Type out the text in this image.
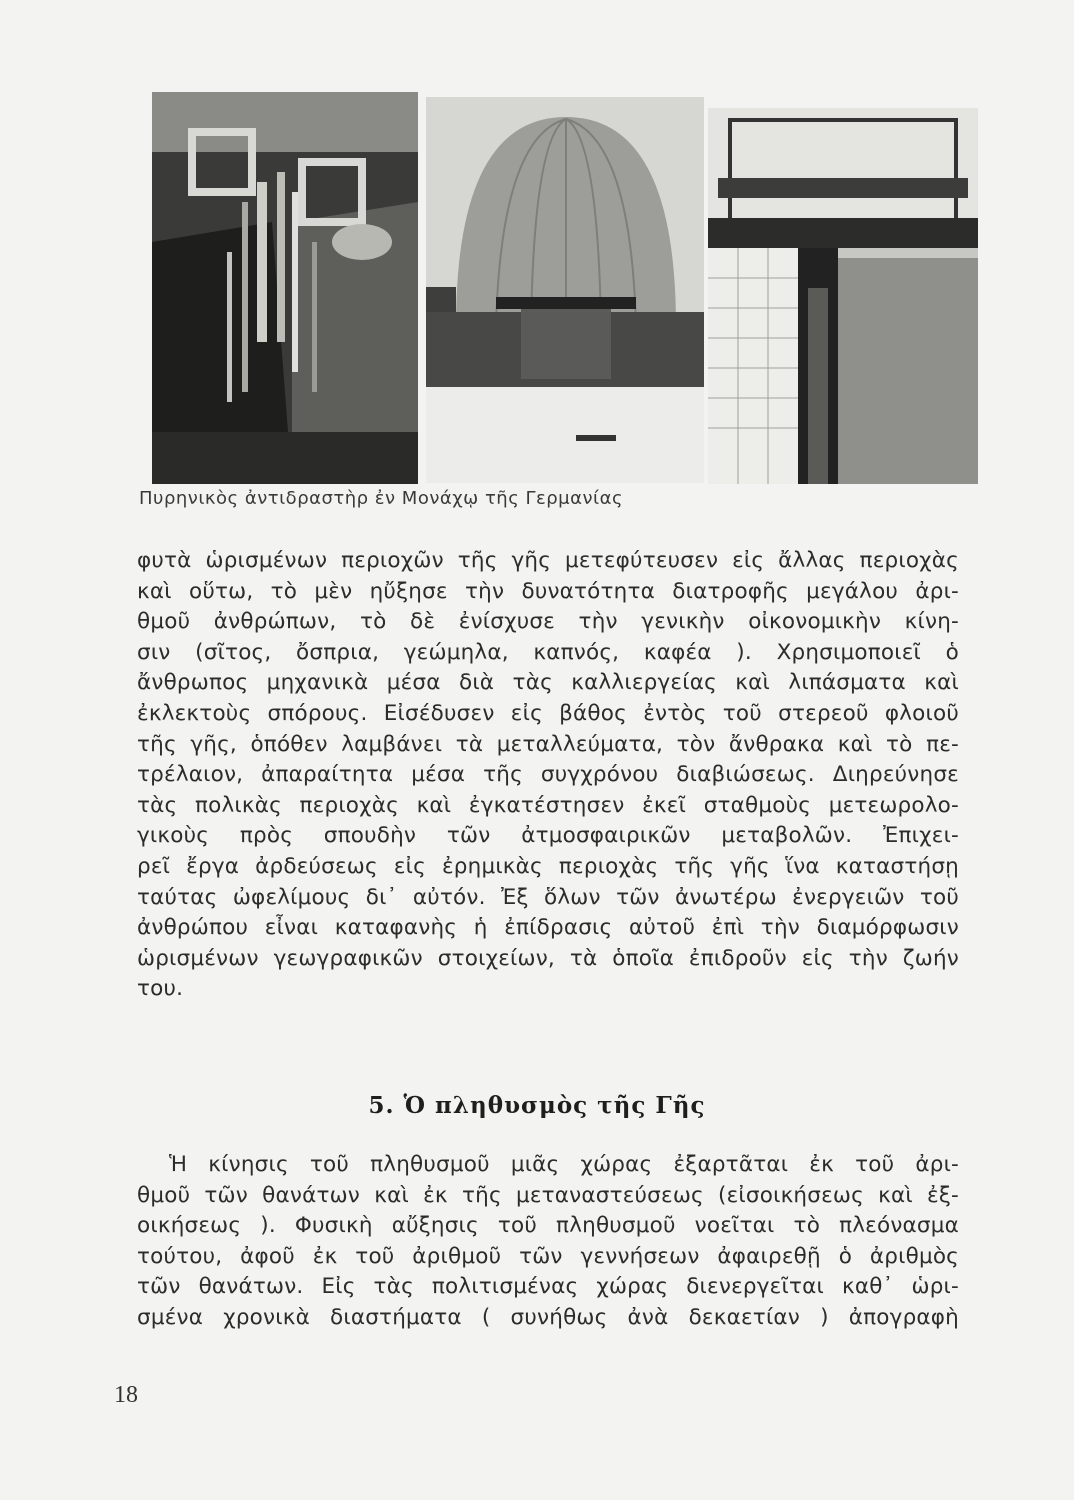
Πυρηνικὸς ἀντιδραστὴρ ἐν Μονάχῳ τῆς Γερμανίας
φυτὰ ὡρισμένων περιοχῶν τῆς γῆς μετεφύτευσεν εἰς ἄλλας περιοχὰς
καὶ οὕτω, τὸ μὲν ηὔξησε τὴν δυνατότητα διατροφῆς μεγάλου ἀρι-
θμοῦ ἀνθρώπων, τὸ δὲ ἐνίσχυσε τὴν γενικὴν οἰκονομικὴν κίνη-
σιν (σῖτος, ὄσπρια, γεώμηλα, καπνός, καφέα ). Χρησιμοποιεῖ ὁ
ἄνθρωπος μηχανικὰ μέσα διὰ τὰς καλλιεργείας καὶ λιπάσματα καὶ
ἐκλεκτοὺς σπόρους. Εἰσέδυσεν εἰς βάθος ἐντὸς τοῦ στερεοῦ φλοιοῦ
τῆς γῆς, ὁπόθεν λαμβάνει τὰ μεταλλεύματα, τὸν ἄνθρακα καὶ τὸ πε-
τρέλαιον, ἀπαραίτητα μέσα τῆς συγχρόνου διαβιώσεως. Διηρεύνησε
τὰς πολικὰς περιοχὰς καὶ ἐγκατέστησεν ἐκεῖ σταθμοὺς μετεωρολο-
γικοὺς πρὸς σπουδὴν τῶν ἀτμοσφαιρικῶν μεταβολῶν. Ἐπιχει-
ρεῖ ἔργα ἀρδεύσεως εἰς ἐρημικὰς περιοχὰς τῆς γῆς ἵνα καταστήσῃ
ταύτας ὠφελίμους δι᾽ αὐτόν. Ἐξ ὅλων τῶν ἀνωτέρω ἐνεργειῶν τοῦ
ἀνθρώπου εἶναι καταφανὴς ἡ ἐπίδρασις αὐτοῦ ἐπὶ τὴν διαμόρφωσιν
ὡρισμένων γεωγραφικῶν στοιχείων, τὰ ὁποῖα ἐπιδροῦν εἰς τὴν ζωήν
του.
5. Ὁ πληθυσμὸς τῆς Γῆς
Ἡ κίνησις τοῦ πληθυσμοῦ μιᾶς χώρας ἐξαρτᾶται ἐκ τοῦ ἀρι-
θμοῦ τῶν θανάτων καὶ ἐκ τῆς μεταναστεύσεως (εἰσοικήσεως καὶ ἐξ-
οικήσεως ). Φυσικὴ αὔξησις τοῦ πληθυσμοῦ νοεῖται τὸ πλεόνασμα
τούτου, ἀφοῦ ἐκ τοῦ ἀριθμοῦ τῶν γεννήσεων ἀφαιρεθῇ ὁ ἀριθμὸς
τῶν θανάτων. Εἰς τὰς πολιτισμένας χώρας διενεργεῖται καθ᾽ ὡρι-
σμένα χρονικὰ διαστήματα ( συνήθως ἀνὰ δεκαετίαν ) ἀπογραφὴ
18
